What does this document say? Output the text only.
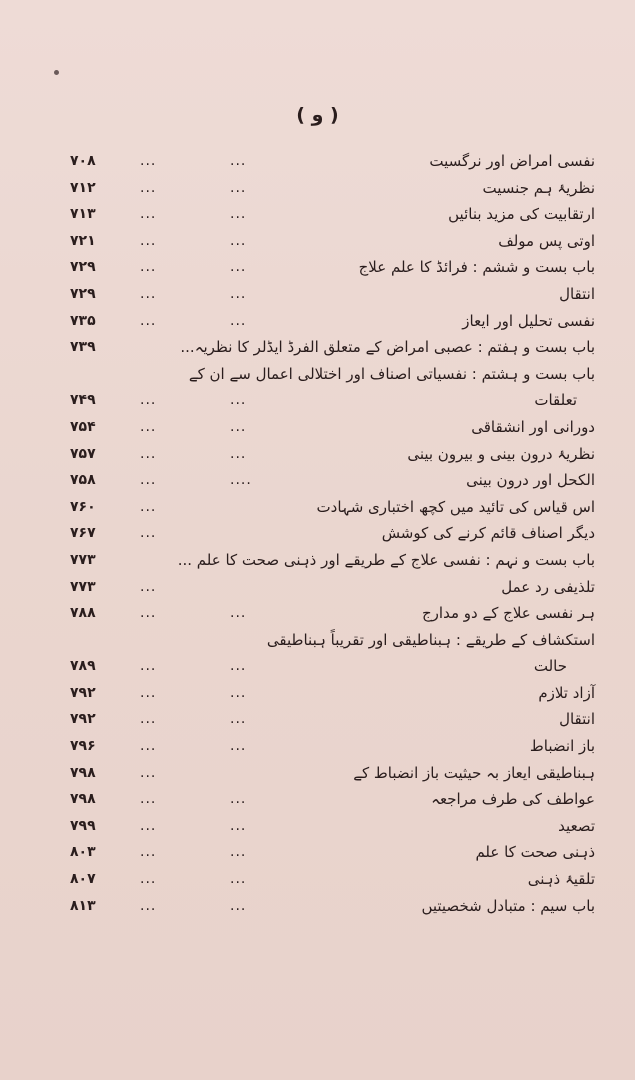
( و )
نفسی امراض اور نرگسیت
...
...
۷۰۸
نظریۂ ہم جنسیت
...
...
۷۱۲
ارتقابیت کی مزید بنائیں
...
...
۷۱۳
اوتی پس مولف
...
...
۷۲۱
باب بست و ششم : فرائڈ کا علم علاج
...
...
۷۲۹
انتقال
...
...
۷۲۹
نفسی تحلیل اور ایعاز
...
...
۷۳۵
باب بست و ہفتم : عصبی امراض کے متعلق الفرڈ ایڈلر کا نظریہ...
۷۳۹
باب بست و ہشتم : نفسیاتی اصناف اور اختلالی اعمال سے ان کے
تعلقات
...
...
۷۴۹
دورانی اور انشقاقی
...
...
۷۵۴
نظریۂ درون بینی و بیرون بینی
...
...
۷۵۷
الکحل اور درون بینی
....
...
۷۵۸
اس قیاس کی تائید میں کچھ اختباری شہادت
...
۷۶۰
دیگر اصناف قائم کرنے کی کوشش
...
۷۶۷
باب بست و نہم : نفسی علاج کے طریقے اور ذہنی صحت کا علم ...
۷۷۳
تلذیفی رد عمل
...
۷۷۳
ہر نفسی علاج کے دو مدارج
...
...
۷۸۸
استکشاف کے طریقے : ہبناطیقی اور تقریباً ہبناطیقی
حالت
...
...
۷۸۹
آزاد تلازم
...
...
۷۹۲
انتقال
...
...
۷۹۲
باز انضباط
...
...
۷۹۶
ہبناطیقی ایعاز بہ حیثیت باز انضباط کے
...
۷۹۸
عواطف کی طرف مراجعہ
...
...
۷۹۸
تصعید
...
...
۷۹۹
ذہنی صحت کا علم
...
...
۸۰۳
تلقیۂ ذہنی
...
...
۸۰۷
باب سیم : متبادل شخصیتیں
...
...
۸۱۳
